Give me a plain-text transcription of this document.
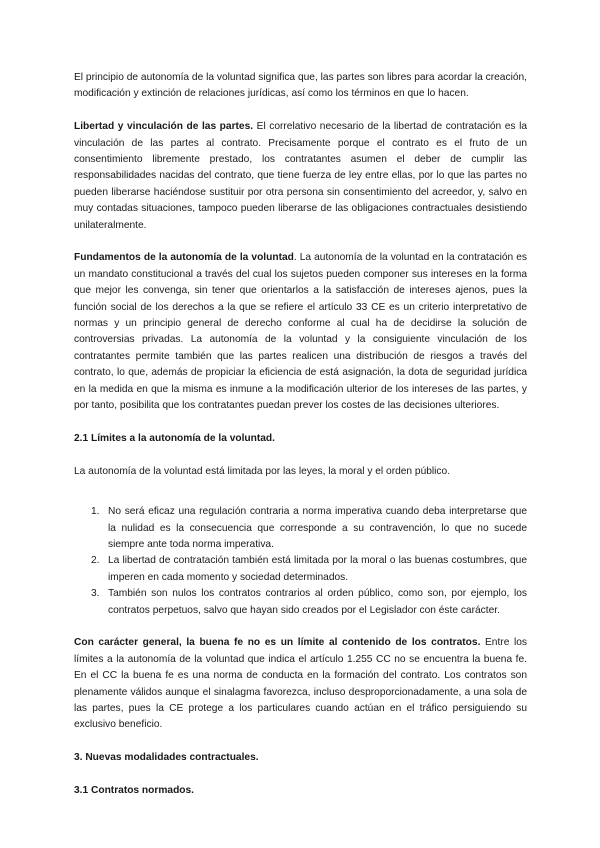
El principio de autonomía de la voluntad significa que, las partes son libres para acordar la creación, modificación y extinción de relaciones jurídicas, así como los términos en que lo hacen.

Libertad y vinculación de las partes. El correlativo necesario de la libertad de contratación es la vinculación de las partes al contrato. Precisamente porque el contrato es el fruto de un consentimiento libremente prestado, los contratantes asumen el deber de cumplir las responsabilidades nacidas del contrato, que tiene fuerza de ley entre ellas, por lo que las partes no pueden liberarse haciéndose sustituir por otra persona sin consentimiento del acreedor, y, salvo en muy contadas situaciones, tampoco pueden liberarse de las obligaciones contractuales desistiendo unilateralmente.

Fundamentos de la autonomía de la voluntad. La autonomía de la voluntad en la contratación es un mandato constitucional a través del cual los sujetos pueden componer sus intereses en la forma que mejor les convenga, sin tener que orientarlos a la satisfacción de intereses ajenos, pues la función social de los derechos a la que se refiere el artículo 33 CE es un criterio interpretativo de normas y un principio general de derecho conforme al cual ha de decidirse la solución de controversias privadas. La autonomía de la voluntad y la consiguiente vinculación de los contratantes permite también que las partes realicen una distribución de riesgos a través del contrato, lo que, además de propiciar la eficiencia de está asignación, la dota de seguridad jurídica en la medida en que la misma es inmune a la modificación ulterior de los intereses de las partes, y por tanto, posibilita que los contratantes puedan prever los costes de las decisiones ulteriores.

2.1 Límites a la autonomía de la voluntad.

La autonomía de la voluntad está limitada por las leyes, la moral y el orden público.

1. No será eficaz una regulación contraria a norma imperativa cuando deba interpretarse que la nulidad es la consecuencia que corresponde a su contravención, lo que no sucede siempre ante toda norma imperativa.
2. La libertad de contratación también está limitada por la moral o las buenas costumbres, que imperen en cada momento y sociedad determinados.
3. También son nulos los contratos contrarios al orden público, como son, por ejemplo, los contratos perpetuos, salvo que hayan sido creados por el Legislador con éste carácter.

Con carácter general, la buena fe no es un límite al contenido de los contratos. Entre los límites a la autonomía de la voluntad que indica el artículo 1.255 CC no se encuentra la buena fe. En el CC la buena fe es una norma de conducta en la formación del contrato. Los contratos son plenamente válidos aunque el sinalagma favorezca, incluso desproporcionadamente, a una sola de las partes, pues la CE protege a los particulares cuando actúan en el tráfico persiguiendo su exclusivo beneficio.

3. Nuevas modalidades contractuales.

3.1 Contratos normados.
